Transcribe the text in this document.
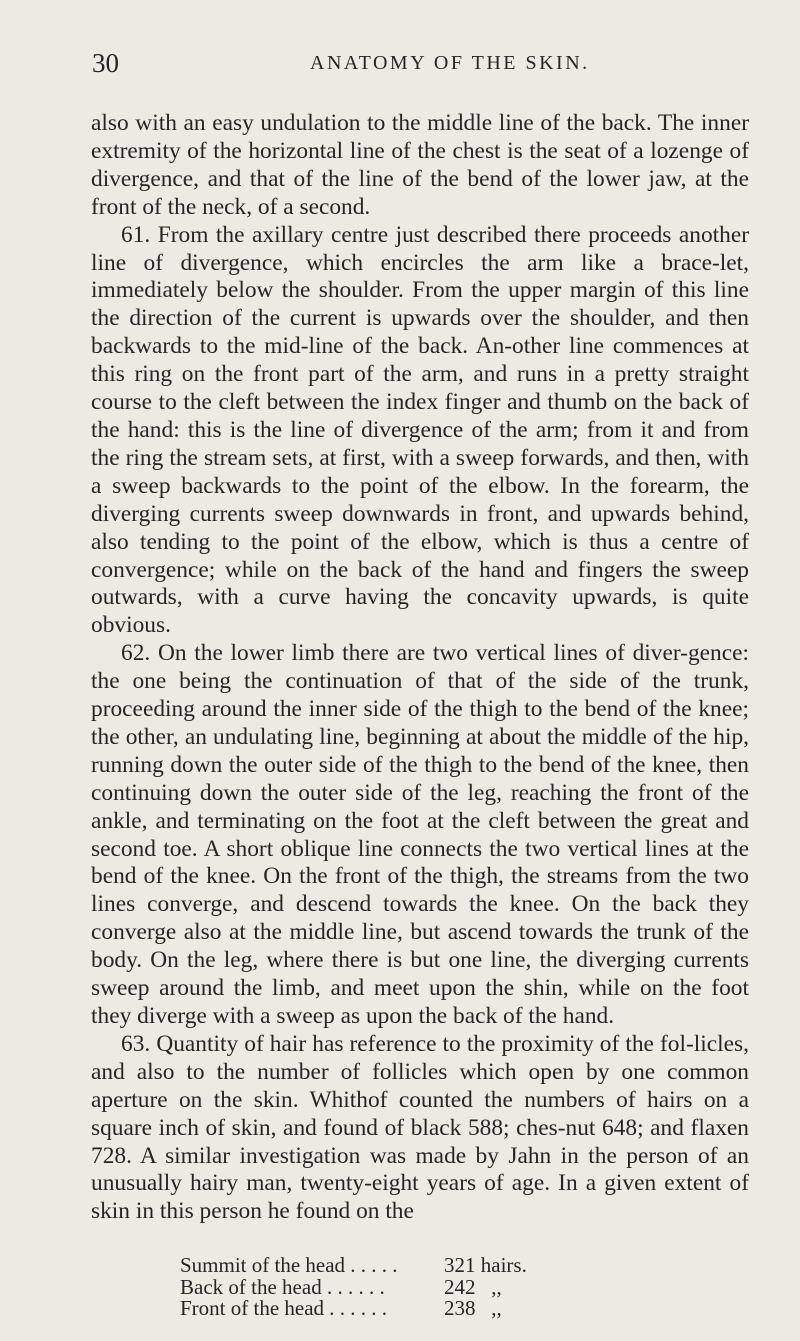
30	ANATOMY OF THE SKIN.

also with an easy undulation to the middle line of the back. The inner extremity of the horizontal line of the chest is the seat of a lozenge of divergence, and that of the line of the bend of the lower jaw, at the front of the neck, of a second.

61. From the axillary centre just described there proceeds another line of divergence, which encircles the arm like a brace-let, immediately below the shoulder. From the upper margin of this line the direction of the current is upwards over the shoulder, and then backwards to the mid-line of the back. An-other line commences at this ring on the front part of the arm, and runs in a pretty straight course to the cleft between the index finger and thumb on the back of the hand: this is the line of divergence of the arm; from it and from the ring the stream sets, at first, with a sweep forwards, and then, with a sweep backwards to the point of the elbow. In the forearm, the diverging currents sweep downwards in front, and upwards behind, also tending to the point of the elbow, which is thus a centre of convergence; while on the back of the hand and fingers the sweep outwards, with a curve having the concavity upwards, is quite obvious.

62. On the lower limb there are two vertical lines of diver-gence: the one being the continuation of that of the side of the trunk, proceeding around the inner side of the thigh to the bend of the knee; the other, an undulating line, beginning at about the middle of the hip, running down the outer side of the thigh to the bend of the knee, then continuing down the outer side of the leg, reaching the front of the ankle, and terminating on the foot at the cleft between the great and second toe. A short oblique line connects the two vertical lines at the bend of the knee. On the front of the thigh, the streams from the two lines converge, and descend towards the knee. On the back they converge also at the middle line, but ascend towards the trunk of the body. On the leg, where there is but one line, the diverging currents sweep around the limb, and meet upon the shin, while on the foot they diverge with a sweep as upon the back of the hand.

63. Quantity of hair has reference to the proximity of the fol-licles, and also to the number of follicles which open by one common aperture on the skin. Whithof counted the numbers of hairs on a square inch of skin, and found of black 588; ches-nut 648; and flaxen 728. A similar investigation was made by Jahn in the person of an unusually hairy man, twenty-eight years of age. In a given extent of skin in this person he found on the

Summit of the head . . . . . 321 hairs.
Back of the head . . . . . .	242   ,,
Front of the head . . . . . .	238   ,,
